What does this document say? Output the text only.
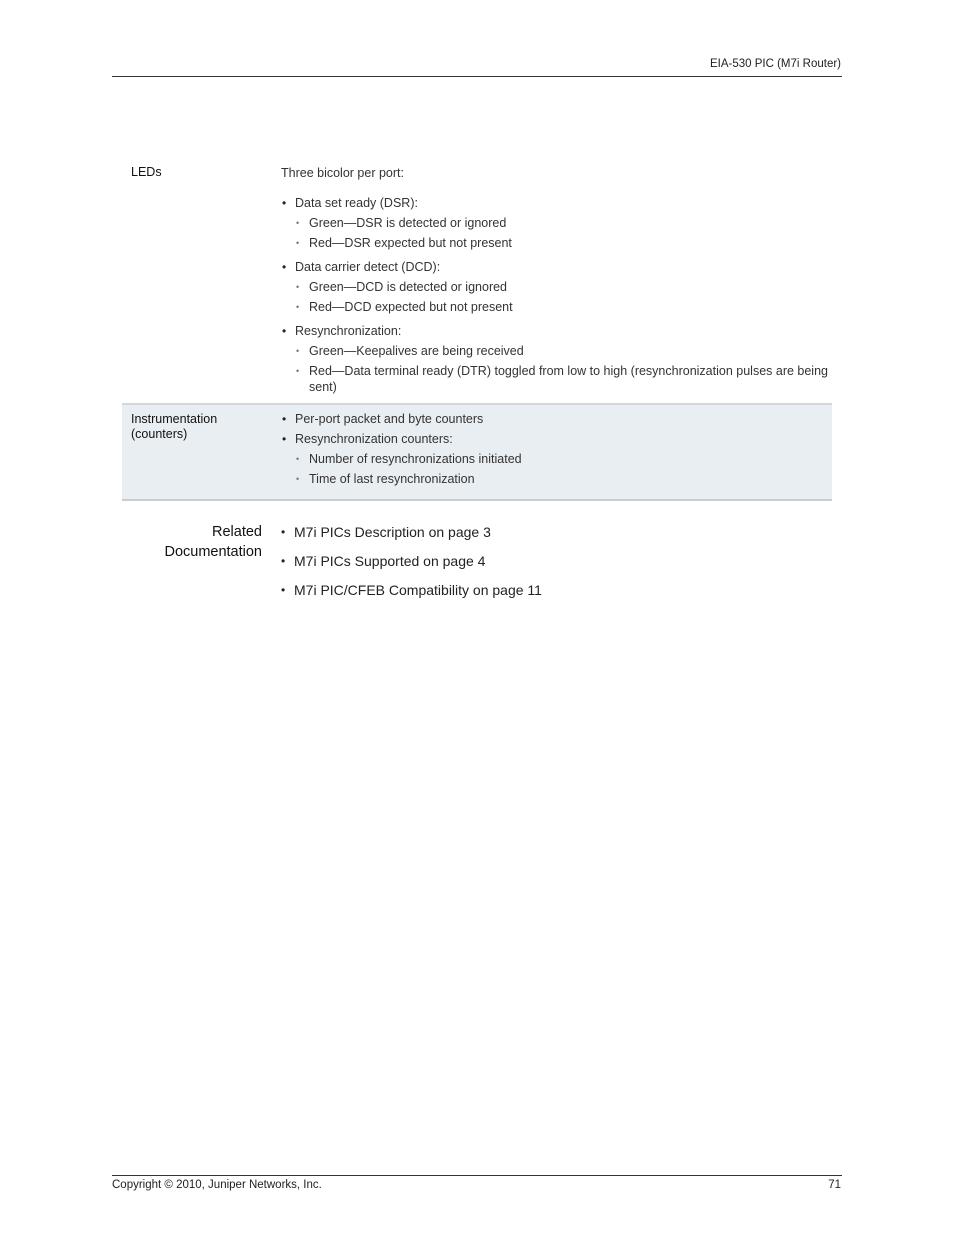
EIA-530 PIC (M7i Router)
LEDs	Three bicolor per port:

• Data set ready (DSR):
• Green—DSR is detected or ignored
• Red—DSR expected but not present
• Data carrier detect (DCD):
• Green—DCD is detected or ignored
• Red—DCD expected but not present
• Resynchronization:
• Green—Keepalives are being received
• Red—Data terminal ready (DTR) toggled from low to high (resynchronization pulses are being sent)
Instrumentation
(counters)
• Per-port packet and byte counters
• Resynchronization counters:
• Number of resynchronizations initiated
• Time of last resynchronization
Related
Documentation
• M7i PICs Description on page 3
• M7i PICs Supported on page 4
• M7i PIC/CFEB Compatibility on page 11
Copyright © 2010, Juniper Networks, Inc.	71
